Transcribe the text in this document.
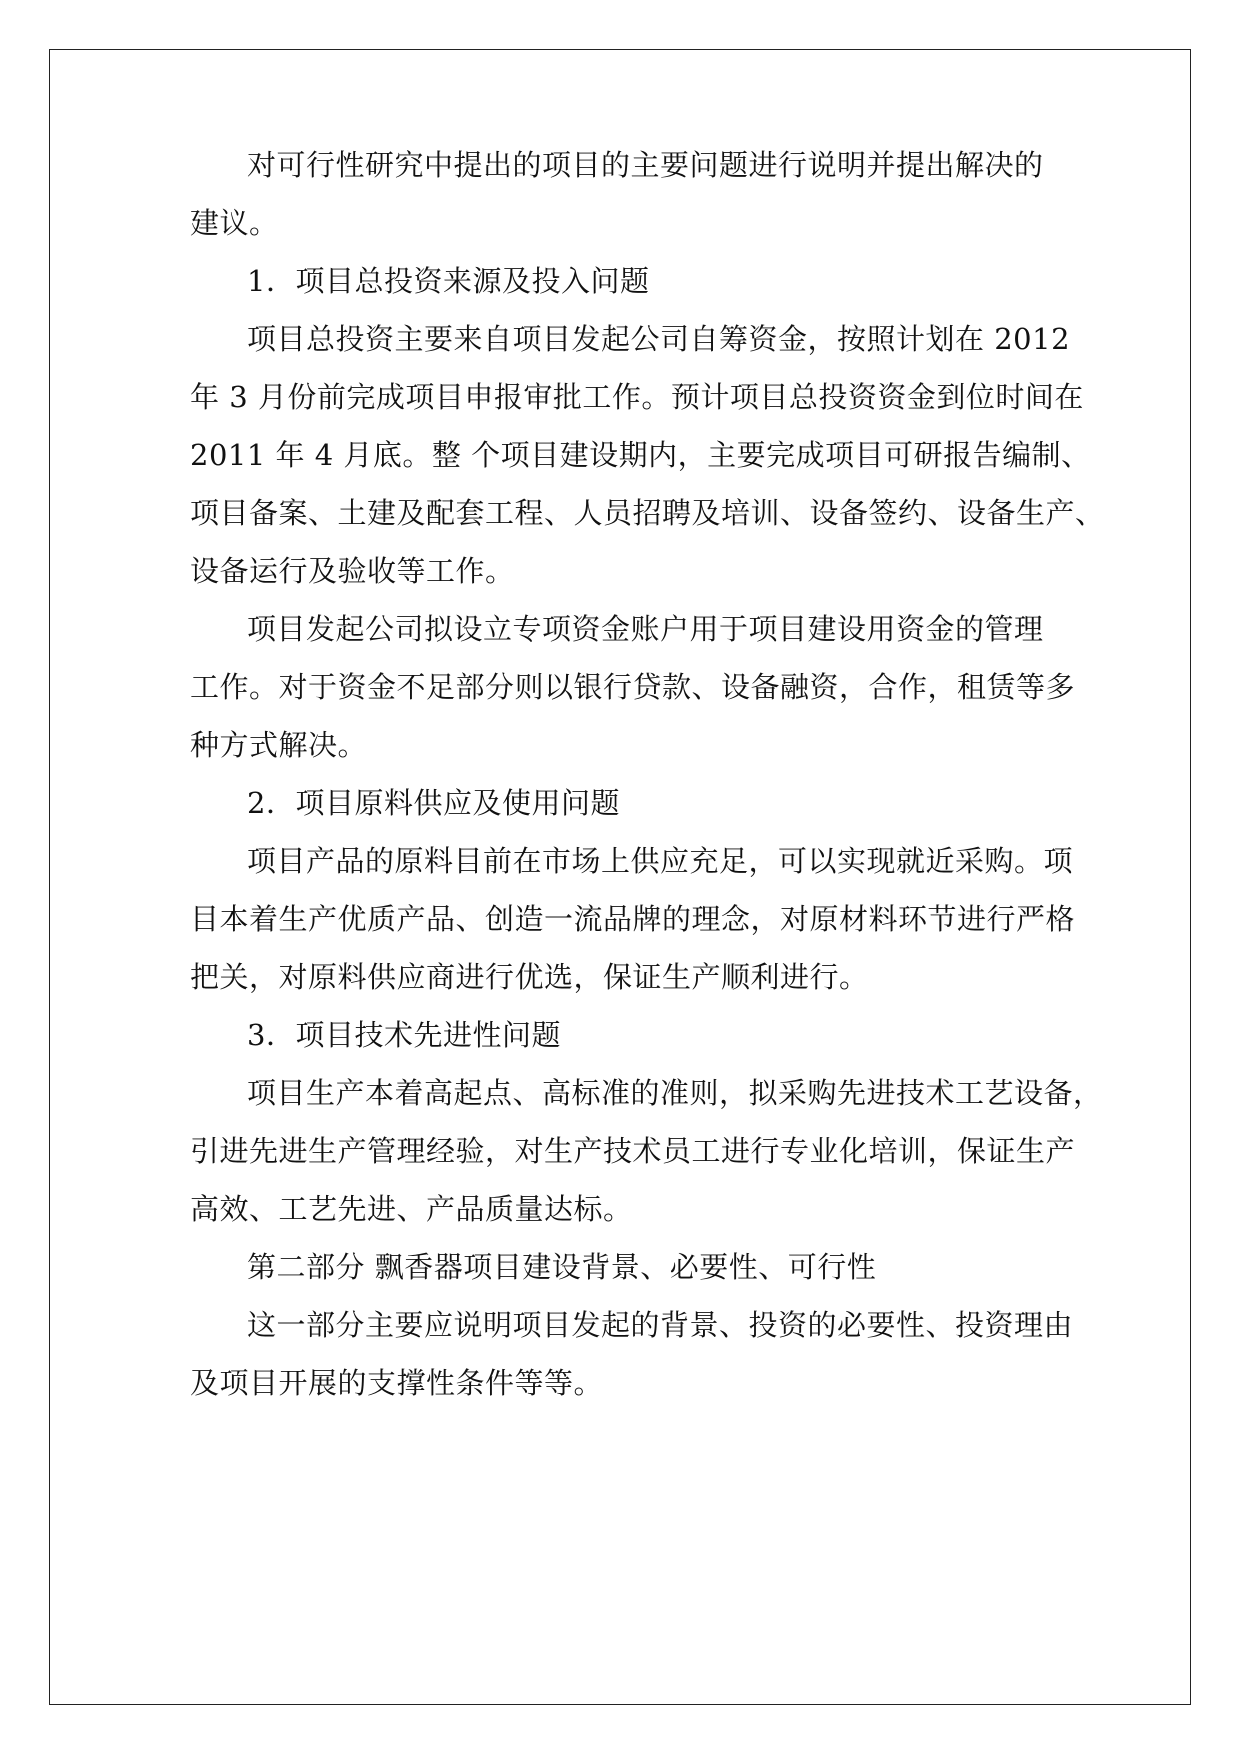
对可行性研究中提出的项目的主要问题进行说明并提出解决的
建议。
1．项目总投资来源及投入问题
项目总投资主要来自项目发起公司自筹资金，按照计划在 2012
年 3 月份前完成项目申报审批工作。预计项目总投资资金到位时间在
2011 年 4 月底。整 个项目建设期内，主要完成项目可研报告编制、
项目备案、土建及配套工程、人员招聘及培训、设备签约、设备生产、
设备运行及验收等工作。
项目发起公司拟设立专项资金账户用于项目建设用资金的管理
工作。对于资金不足部分则以银行贷款、设备融资，合作，租赁等多
种方式解决。
2．项目原料供应及使用问题
项目产品的原料目前在市场上供应充足，可以实现就近采购。项
目本着生产优质产品、创造一流品牌的理念，对原材料环节进行严格
把关，对原料供应商进行优选，保证生产顺利进行。
3．项目技术先进性问题
项目生产本着高起点、高标准的准则，拟采购先进技术工艺设备，
引进先进生产管理经验，对生产技术员工进行专业化培训，保证生产
高效、工艺先进、产品质量达标。
第二部分 飘香器项目建设背景、必要性、可行性
这一部分主要应说明项目发起的背景、投资的必要性、投资理由
及项目开展的支撑性条件等等。
